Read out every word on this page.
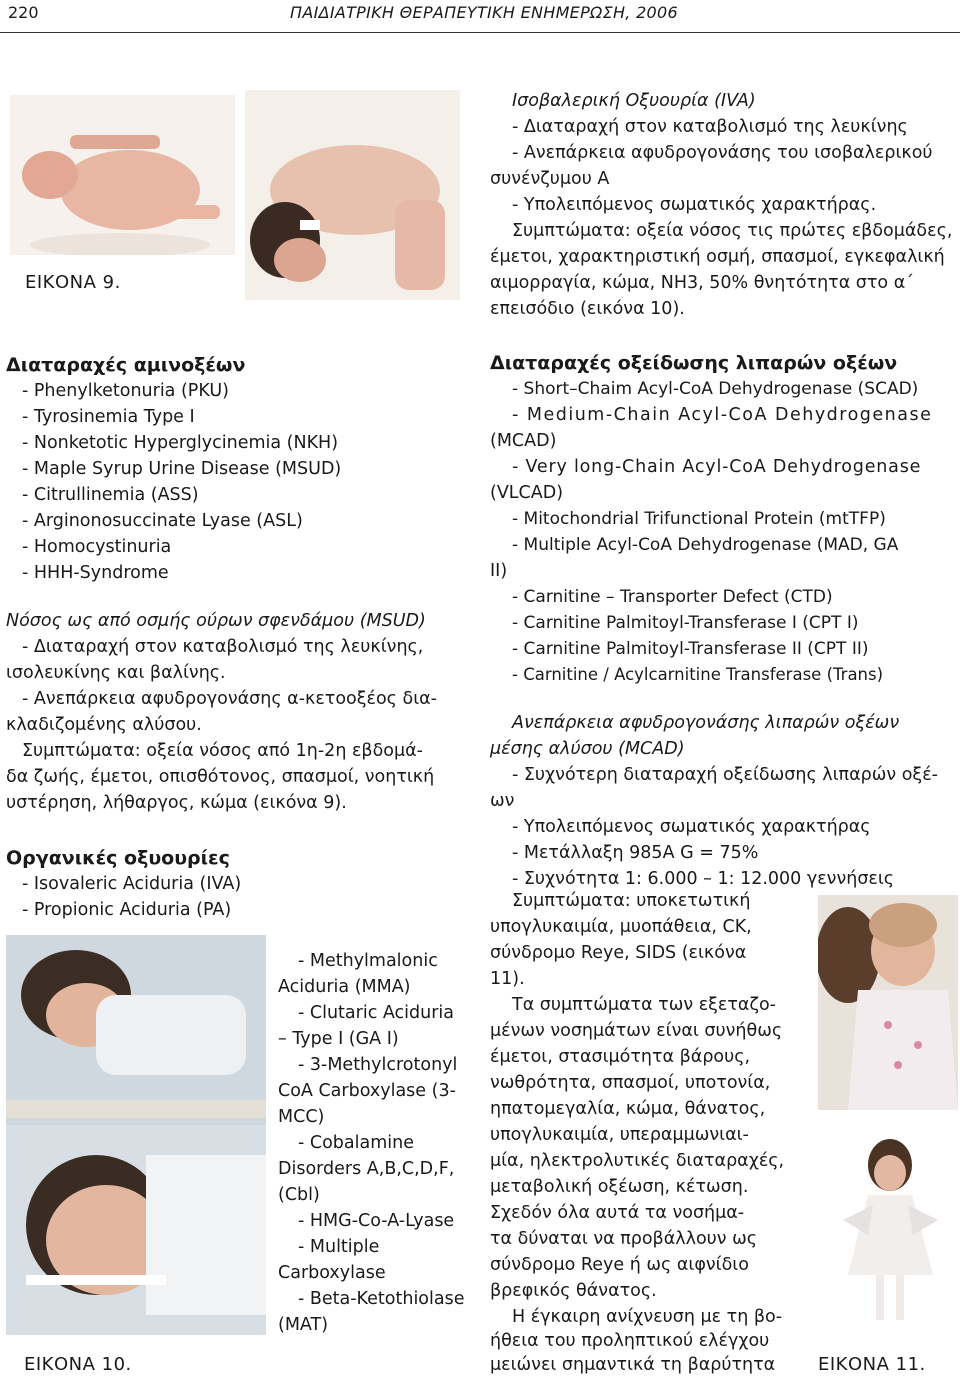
220	ΠΑΙΔΙΑΤΡΙΚΗ ΘΕΡΑΠΕΥΤΙΚΗ ΕΝΗΜΕΡΩΣΗ, 2006
ΕΙΚΟΝΑ 9.
Ισοβαλερική Οξυουρία (IVA)
- Διαταραχή στον καταβολισμό της λευκίνης
- Ανεπάρκεια αφυδρογονάσης του ισοβαλερικού
συνένζυμου Α
- Υπολειπόμενος σωματικός χαρακτήρας.
Συμπτώματα: οξεία νόσος τις πρώτες εβδομάδες,
έμετοι, χαρακτηριστική οσμή, σπασμοί, εγκεφαλική
αιμορραγία, κώμα, ΝΗ3, 50% θνητότητα στο α΄
επεισόδιο (εικόνα 10).
Διαταραχές αμινοξέων
- Phenylketonuria (PKU)
- Tyrosinemia Type I
- Nonketotic Hyperglycinemia (NKH)
- Maple Syrup Urine Disease (MSUD)
- Citrullinemia (ASS)
- Arginonosuccinate Lyase (ASL)
- Homocystinuria
- HHH-Syndrome
Νόσος ως από οσμής ούρων σφενδάμου (MSUD)
- Διαταραχή στον καταβολισμό της λευκίνης,
ισολευκίνης και βαλίνης.
- Ανεπάρκεια αφυδρογονάσης α-κετοοξέος δια-
κλαδιζομένης αλύσου.
Συμπτώματα: οξεία νόσος από 1η-2η εβδομά-
δα ζωής, έμετοι, οπισθότονος, σπασμοί, νοητική
υστέρηση, λήθαργος, κώμα (εικόνα 9).
Οργανικές οξυουρίες
- Isovaleric Aciduria (IVA)
- Propionic Aciduria (PA)
ΕΙΚΟΝΑ 10.
- Methylmalonic
Aciduria (MMA)
- Clutaric Aciduria
– Type I (GA I)
- 3-Methylcrotonyl
CoA Carboxylase (3-
MCC)
- Cobalamine
Disorders A,B,C,D,F,
(Cbl)
- HMG-Co-A-Lyase
- Multiple
Carboxylase
- Beta-Ketothiolase
(MAT)
Διαταραχές οξείδωσης λιπαρών οξέων
- Short–Chaim Acyl-CoA Dehydrogenase (SCAD)
- Medium-Chain Acyl-CoA Dehydrogenase
(MCAD)
- Very long-Chain Acyl-CoA Dehydrogenase
(VLCAD)
- Mitochondrial Trifunctional Protein (mtTFP)
- Multiple Acyl-CoA Dehydrogenase (MAD, GA
II)
- Carnitine – Transporter Defect (CTD)
- Carnitine Palmitoyl-Transferase I (CPT I)
- Carnitine Palmitoyl-Transferase II (CPT II)
- Carnitine / Acylcarnitine Transferase (Trans)
Ανεπάρκεια αφυδρογονάσης λιπαρών οξέων
μέσης αλύσου (MCAD)
- Συχνότερη διαταραχή οξείδωσης λιπαρών οξέ-
ων
- Υπολειπόμενος σωματικός χαρακτήρας
- Μετάλλαξη 985Α G = 75%
- Συχνότητα 1: 6.000 – 1: 12.000 γεννήσεις
Συμπτώματα: υποκετωτική
υπογλυκαιμία, μυοπάθεια, CK,
σύνδρομο Reye, SIDS (εικόνα
11).
Τα συμπτώματα των εξεταζο-
μένων νοσημάτων είναι συνήθως
έμετοι, στασιμότητα βάρους,
νωθρότητα, σπασμοί, υποτονία,
ηπατομεγαλία, κώμα, θάνατος,
υπογλυκαιμία, υπεραμμωνιαι-
μία, ηλεκτρολυτικές διαταραχές,
μεταβολική οξέωση, κέτωση.
Σχεδόν όλα αυτά τα νοσήμα-
τα δύναται να προβάλλουν ως
σύνδρομο Reye ή ως αιφνίδιο
βρεφικός θάνατος.
Η έγκαιρη ανίχνευση με τη βο-
ήθεια του προληπτικού ελέγχου
μειώνει σημαντικά τη βαρύτητα ΕΙΚΟΝΑ 11.
